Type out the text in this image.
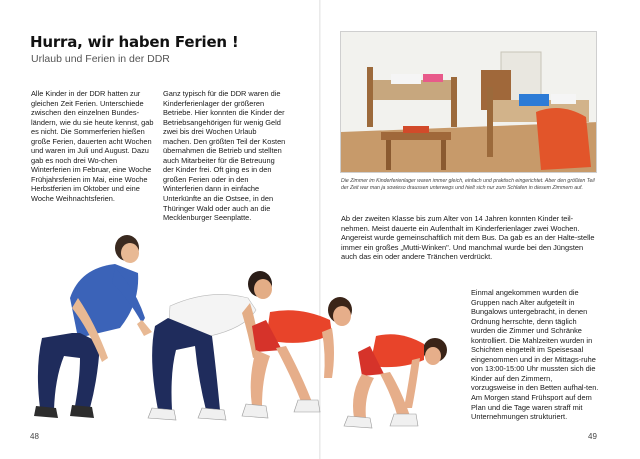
Hurra, wir haben Ferien !
Urlaub und Ferien in der DDR
Alle Kinder in der DDR hatten zur gleichen Zeit Ferien. Unterschiede zwischen den einzelnen Bundes-ländern, wie du sie heute kennst, gab es nicht. Die Sommerferien hießen große Ferien, dauerten acht Wochen und waren im Juli und August. Dazu gab es noch drei Wo-chen Winterferien im Februar, eine Woche Frühjahrsferien im Mai, eine Woche Herbstferien im Oktober und eine Woche Weihnachtsferien.
Ganz typisch für die DDR waren die Kinderferienlager der größeren Betriebe. Hier konnten die Kinder der Betriebsangehörigen für wenig Geld zwei bis drei Wochen Urlaub machen. Den größten Teil der Kosten übernahmen die Betrieb und stellten auch Mitarbeiter für die Betreuung der Kinder frei. Oft ging es in den großen Ferien oder in den Winterferien dann in einfache Unterkünfte an die Ostsee, in den Thüringer Wald oder auch an die Mecklenburger Seenplatte.
48
Die Zimmer im Kinderferienlager waren immer gleich, einfach und praktisch eingerichtet. Aber den größten Teil der Zeit war man ja sowieso draussen unterwegs und hielt sich nur zum Schlafen in diesem Zimmern auf.
Ab der zweiten Klasse bis zum Alter von 14 Jahren konnten Kinder teil-nehmen. Meist dauerte ein Aufenthalt im Kinderferienlager zwei Wochen. Angereist wurde gemeinschaftlich mit dem Bus. Da gab es an der Halte-stelle immer ein großes „Mutti-Winken". Und manchmal wurde bei den Jüngsten auch das ein oder andere Tränchen verdrückt.
Einmal angekommen wurden die Gruppen nach Alter aufgeteilt in Bungalows untergebracht, in denen Ordnung herrschte, denn täglich wurden die Zimmer und Schränke kontrolliert. Die Mahlzeiten wurden in Schichten eingeteilt im Speisesaal eingenommen und in der Mittags-ruhe von 13:00-15:00 Uhr mussten sich die Kinder auf den Zimmern, vorzugsweise in den Betten aufhal-ten. Am Morgen stand Frühsport auf dem Plan und die Tage waren straff mit Unternehmungen strukturiert.
49
